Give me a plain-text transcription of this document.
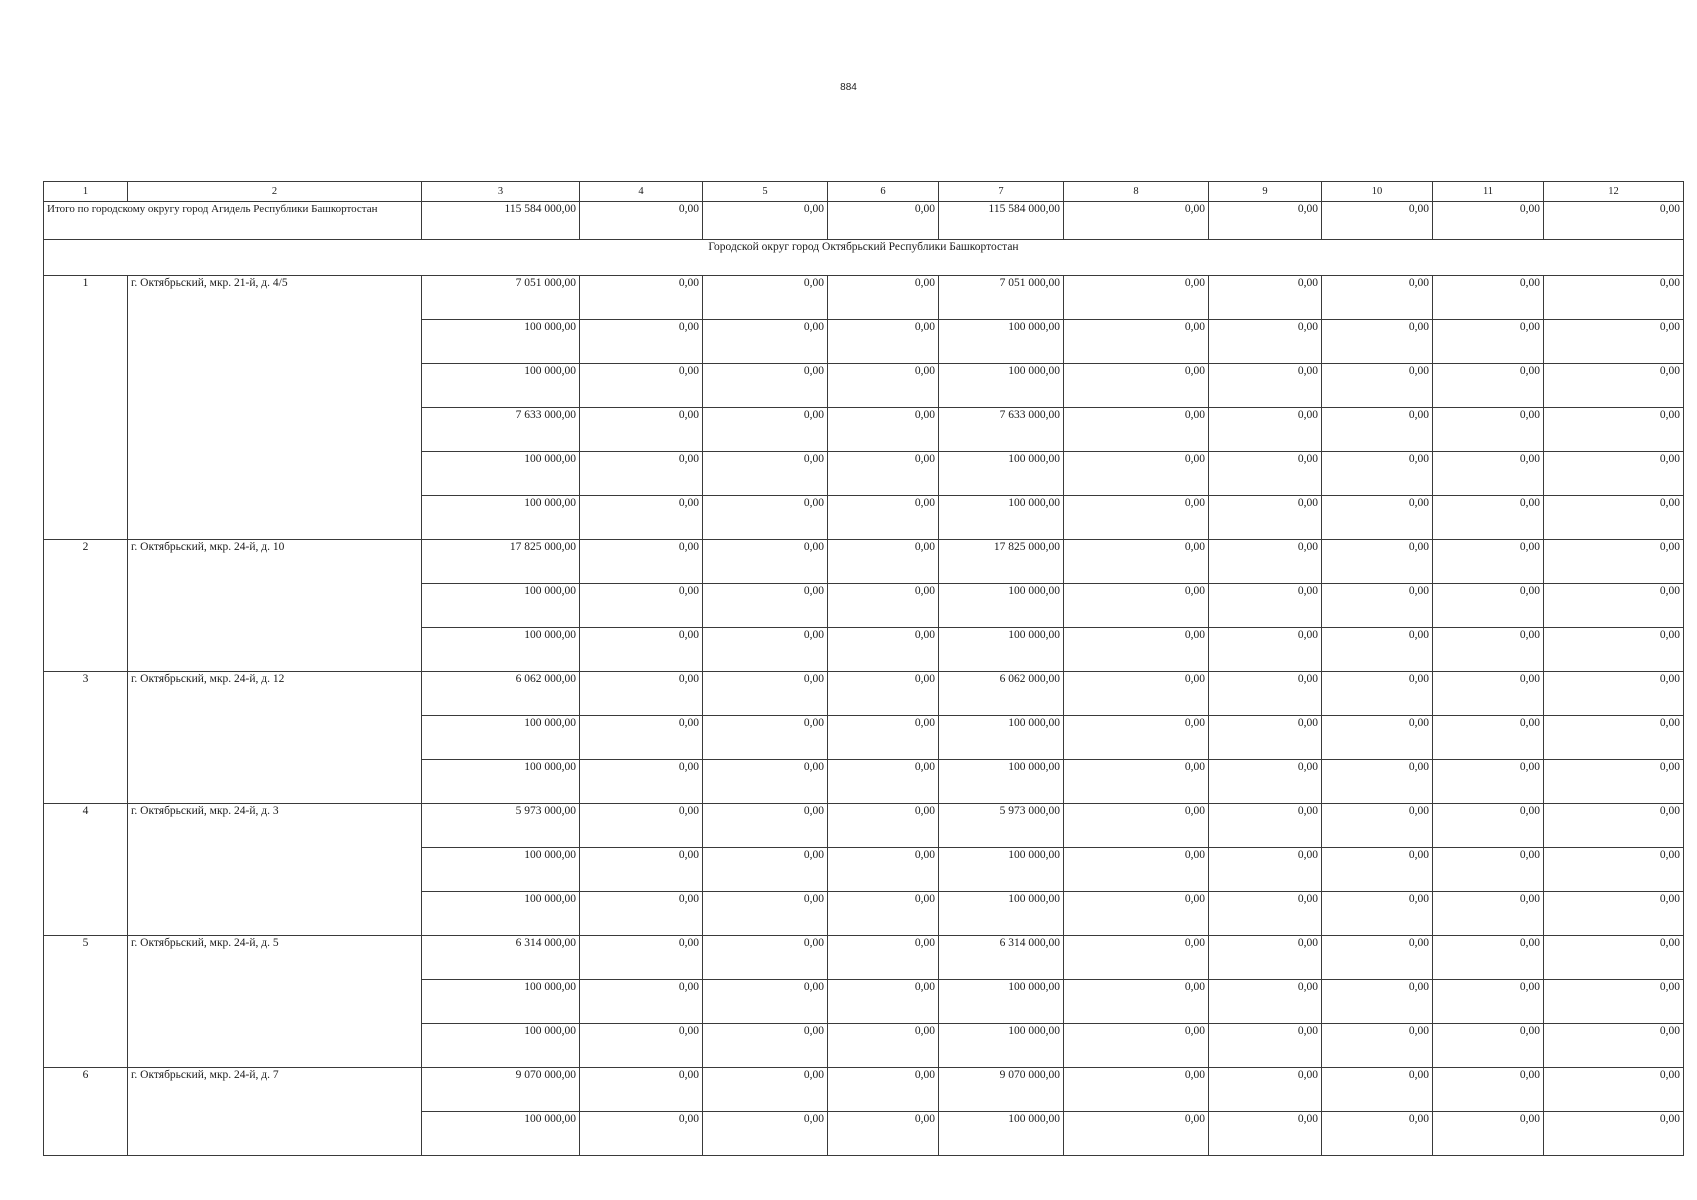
884
1	2	3	4	5	6	7	8	9	10	11	12
Итого по городскому округу город Агидель Республики Башкортостан		115 584 000,00	0,00	0,00	0,00	115 584 000,00	0,00	0,00	0,00	0,00	0,00
Городской округ город Октябрьский Республики Башкортостан											
1	г. Октябрьский, мкр. 21-й, д. 4/5	7 051 000,00	0,00	0,00	0,00	7 051 000,00	0,00	0,00	0,00	0,00	0,00
		100 000,00	0,00	0,00	0,00	100 000,00	0,00	0,00	0,00	0,00	0,00
		100 000,00	0,00	0,00	0,00	100 000,00	0,00	0,00	0,00	0,00	0,00
		7 633 000,00	0,00	0,00	0,00	7 633 000,00	0,00	0,00	0,00	0,00	0,00
		100 000,00	0,00	0,00	0,00	100 000,00	0,00	0,00	0,00	0,00	0,00
		100 000,00	0,00	0,00	0,00	100 000,00	0,00	0,00	0,00	0,00	0,00
2	г. Октябрьский, мкр. 24-й, д. 10	17 825 000,00	0,00	0,00	0,00	17 825 000,00	0,00	0,00	0,00	0,00	0,00
		100 000,00	0,00	0,00	0,00	100 000,00	0,00	0,00	0,00	0,00	0,00
		100 000,00	0,00	0,00	0,00	100 000,00	0,00	0,00	0,00	0,00	0,00
3	г. Октябрьский, мкр. 24-й, д. 12	6 062 000,00	0,00	0,00	0,00	6 062 000,00	0,00	0,00	0,00	0,00	0,00
		100 000,00	0,00	0,00	0,00	100 000,00	0,00	0,00	0,00	0,00	0,00
		100 000,00	0,00	0,00	0,00	100 000,00	0,00	0,00	0,00	0,00	0,00
4	г. Октябрьский, мкр. 24-й, д. 3	5 973 000,00	0,00	0,00	0,00	5 973 000,00	0,00	0,00	0,00	0,00	0,00
		100 000,00	0,00	0,00	0,00	100 000,00	0,00	0,00	0,00	0,00	0,00
		100 000,00	0,00	0,00	0,00	100 000,00	0,00	0,00	0,00	0,00	0,00
5	г. Октябрьский, мкр. 24-й, д. 5	6 314 000,00	0,00	0,00	0,00	6 314 000,00	0,00	0,00	0,00	0,00	0,00
		100 000,00	0,00	0,00	0,00	100 000,00	0,00	0,00	0,00	0,00	0,00
		100 000,00	0,00	0,00	0,00	100 000,00	0,00	0,00	0,00	0,00	0,00
6	г. Октябрьский, мкр. 24-й, д. 7	9 070 000,00	0,00	0,00	0,00	9 070 000,00	0,00	0,00	0,00	0,00	0,00
		100 000,00	0,00	0,00	0,00	100 000,00	0,00	0,00	0,00	0,00	0,00
